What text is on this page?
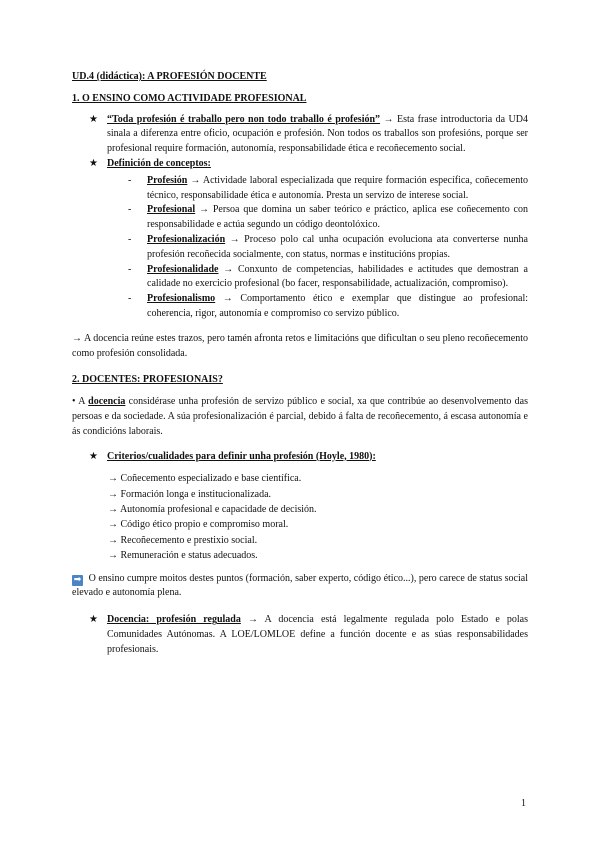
UD.4 (didáctica): A PROFESIÓN DOCENTE
1. O ENSINO COMO ACTIVIDADE PROFESIONAL
★ “Toda profesión é traballo pero non todo traballo é profesión” → Esta frase introductoria da UD4 sinala a diferenza entre oficio, ocupación e profesión. Non todos os traballos son profesións, porque ser profesional require formación, autonomía, responsabilidade ética e recoñecemento social.
★ Definición de conceptos:
-	Profesión → Actividade laboral especializada que require formación específica, coñecemento técnico, responsabilidade ética e autonomía. Presta un servizo de interese social.
-	Profesional → Persoa que domina un saber teórico e práctico, aplica ese coñecemento con responsabilidade e actúa segundo un código deontolóxico.
-	Profesionalización → Proceso polo cal unha ocupación evoluciona ata converterse nunha profesión recoñecida socialmente, con status, normas e institucións propias.
-	Profesionalidade → Conxunto de competencias, habilidades e actitudes que demostran a calidade no exercicio profesional (bo facer, responsabilidade, actualización, compromiso).
-	Profesionalismo → Comportamento ético e exemplar que distingue ao profesional: coherencia, rigor, autonomía e compromiso co servizo público.
→ A docencia reúne estes trazos, pero tamén afronta retos e limitacións que dificultan o seu pleno recoñecemento como profesión consolidada.
2. DOCENTES: PROFESIONAIS?
• A docencia considérase unha profesión de servizo público e social, xa que contribúe ao desenvolvemento das persoas e da sociedade. A súa profesionalización é parcial, debido á falta de recoñecemento, á escasa autonomía e ás condicións laborais.
★ Criterios/cualidades para definir unha profesión (Hoyle, 1980):
→ Coñecemento especializado e base científica.
→ Formación longa e institucionalizada.
→ Autonomía profesional e capacidade de decisión.
→ Código ético propio e compromiso moral.
→ Recoñecemento e prestixio social.
→ Remuneración e status adecuados.
➡ O ensino cumpre moitos destes puntos (formación, saber experto, código ético...), pero carece de status social elevado e autonomía plena.
★ Docencia: profesión regulada → A docencia está legalmente regulada polo Estado e polas Comunidades Autónomas. A LOE/LOMLOE define a función docente e as súas responsabilidades profesionais.
1
